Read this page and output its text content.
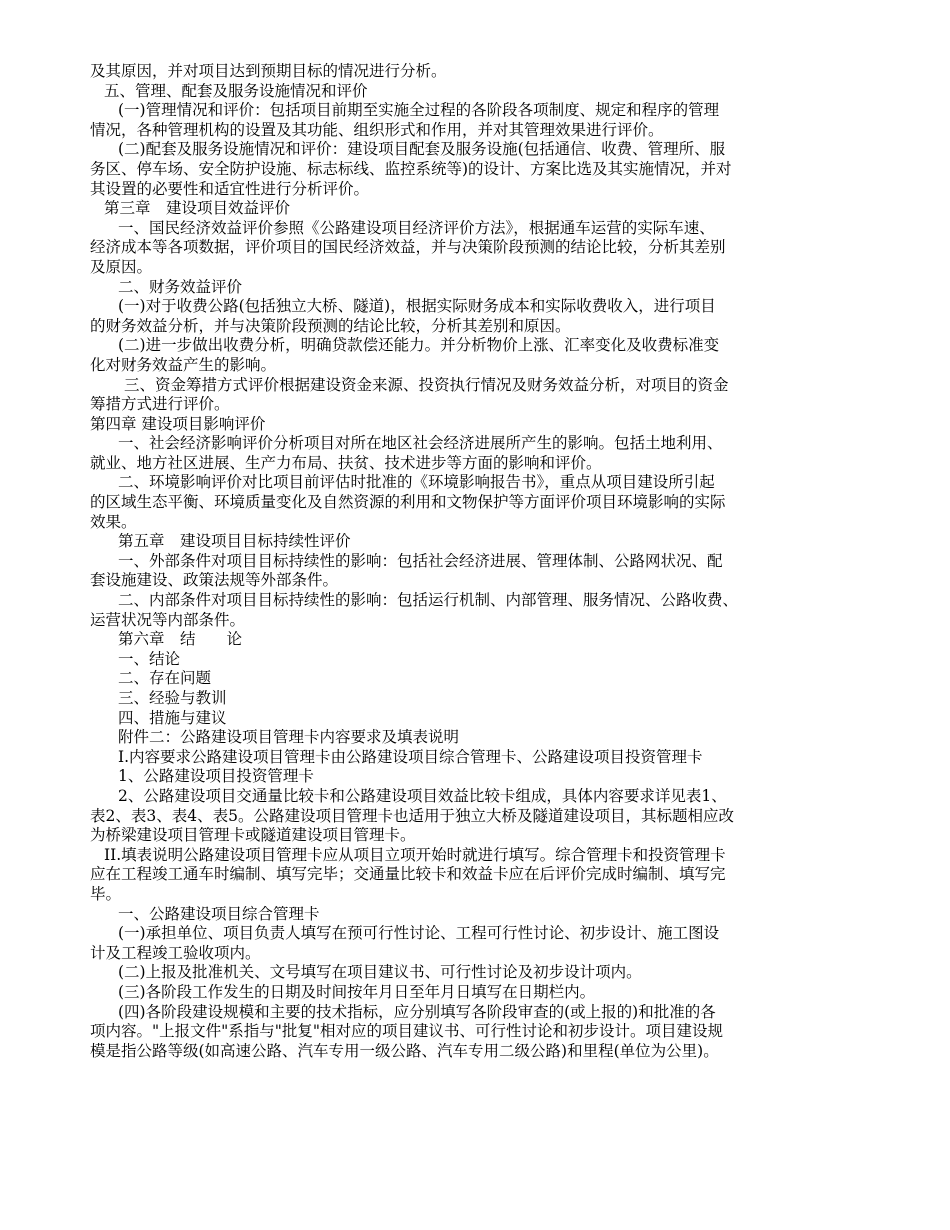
及其原因，并对项目达到预期目标的情况进行分析。
五、管理、配套及服务设施情况和评价
(一)管理情况和评价：包括项目前期至实施全过程的各阶段各项制度、规定和程序的管理
情况，各种管理机构的设置及其功能、组织形式和作用，并对其管理效果进行评价。
(二)配套及服务设施情况和评价：建设项目配套及服务设施(包括通信、收费、管理所、服
务区、停车场、安全防护设施、标志标线、监控系统等)的设计、方案比选及其实施情况，并对
其设置的必要性和适宜性进行分析评价。
第三章　建设项目效益评价
一、国民经济效益评价参照《公路建设项目经济评价方法》，根据通车运营的实际车速、
经济成本等各项数据，评价项目的国民经济效益，并与决策阶段预测的结论比较，分析其差别
及原因。
二、财务效益评价
(一)对于收费公路(包括独立大桥、隧道)，根据实际财务成本和实际收费收入，进行项目
的财务效益分析，并与决策阶段预测的结论比较，分析其差别和原因。
(二)进一步做出收费分析，明确贷款偿还能力。并分析物价上涨、汇率变化及收费标准变
化对财务效益产生的影响。
三、资金筹措方式评价根据建设资金来源、投资执行情况及财务效益分析，对项目的资金
筹措方式进行评价。
第四章 建设项目影响评价
一、社会经济影响评价分析项目对所在地区社会经济进展所产生的影响。包括土地利用、
就业、地方社区进展、生产力布局、扶贫、技术进步等方面的影响和评价。
二、环境影响评价对比项目前评估时批准的《环境影响报告书》，重点从项目建设所引起
的区域生态平衡、环境质量变化及自然资源的利用和文物保护等方面评价项目环境影响的实际
效果。
第五章　建设项目目标持续性评价
一、外部条件对项目目标持续性的影响：包括社会经济进展、管理体制、公路网状况、配
套设施建设、政策法规等外部条件。
二、内部条件对项目目标持续性的影响：包括运行机制、内部管理、服务情况、公路收费、
运营状况等内部条件。
第六章　结　　论
一、结论
二、存在问题
三、经验与教训
四、措施与建议
附件二：公路建设项目管理卡内容要求及填表说明
I.内容要求公路建设项目管理卡由公路建设项目综合管理卡、公路建设项目投资管理卡
1、公路建设项目投资管理卡
2、公路建设项目交通量比较卡和公路建设项目效益比较卡组成，具体内容要求详见表1、
表2、表3、表4、表5。公路建设项目管理卡也适用于独立大桥及隧道建设项目，其标题相应改
为桥梁建设项目管理卡或隧道建设项目管理卡。
II.填表说明公路建设项目管理卡应从项目立项开始时就进行填写。综合管理卡和投资管理卡
应在工程竣工通车时编制、填写完毕；交通量比较卡和效益卡应在后评价完成时编制、填写完
毕。
一、公路建设项目综合管理卡
(一)承担单位、项目负责人填写在预可行性讨论、工程可行性讨论、初步设计、施工图设
计及工程竣工验收项内。
(二)上报及批准机关、文号填写在项目建议书、可行性讨论及初步设计项内。
(三)各阶段工作发生的日期及时间按年月日至年月日填写在日期栏内。
(四)各阶段建设规模和主要的技术指标，应分别填写各阶段审查的(或上报的)和批准的各
项内容。"上报文件"系指与"批复"相对应的项目建议书、可行性讨论和初步设计。项目建设规
模是指公路等级(如高速公路、汽车专用一级公路、汽车专用二级公路)和里程(单位为公里)。
